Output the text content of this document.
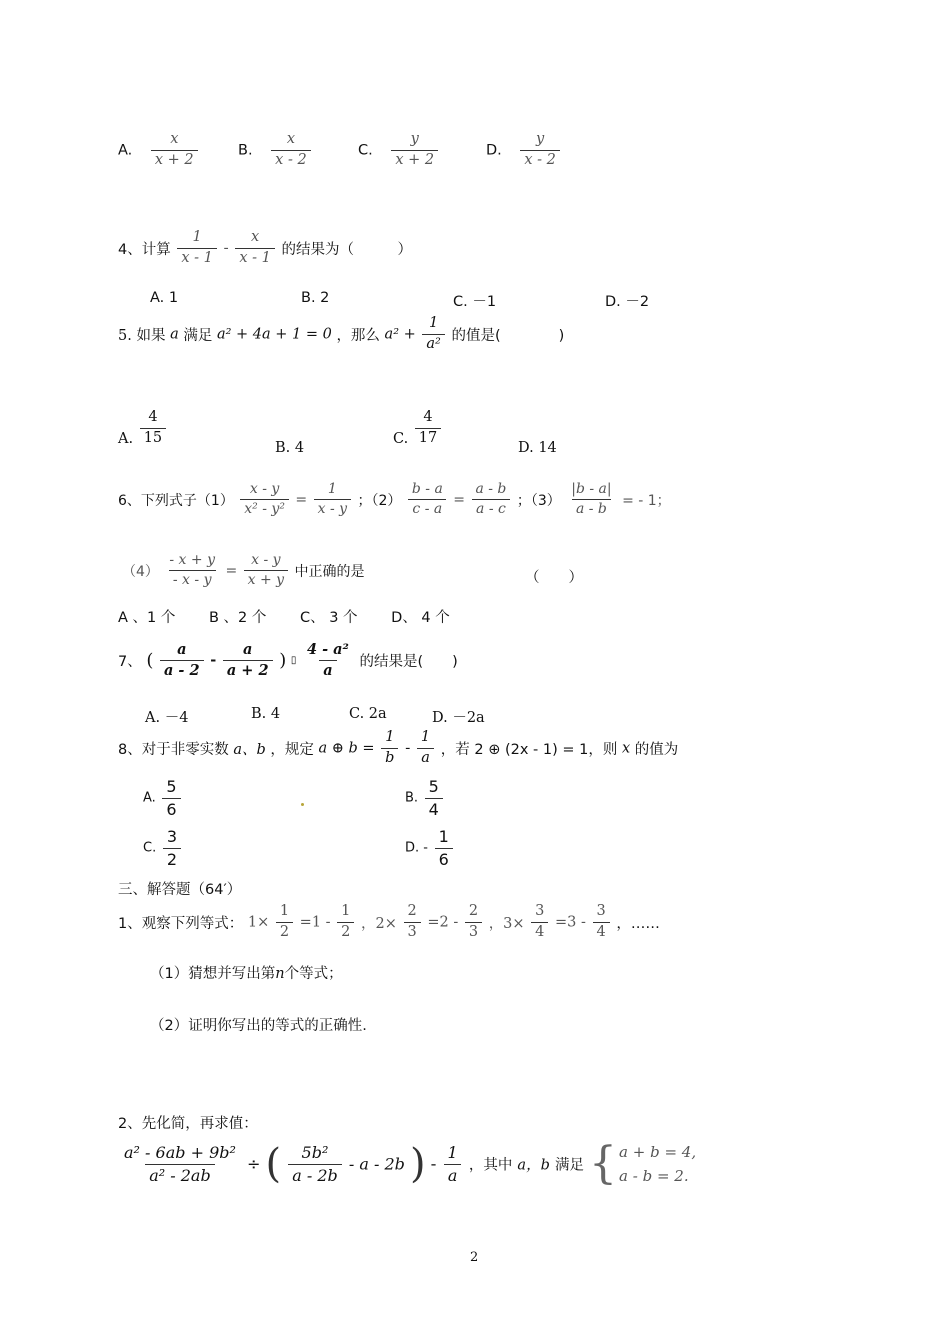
A. $\frac{x}{x + 2}$	B. $\frac{x}{x - 2}$	C. $\frac{y}{x + 2}$	D. $\frac{y}{x - 2}$
4、计算 $\frac{1}{x - 1} - \frac{x}{x - 1}$ 的结果为（　　　）
A. 1	B. 2	C. －1	D. －2
5. 如果 a 满足 a² + 4a + 1 = 0 ，那么 $a^2 + \frac{1}{\text{a²}}$ 的值是(　　　　)
A. $\frac{4}{15}$
B. 4
C. $\frac{4}{17}$
D. 14
6、下列式子$(1) \frac{x - y}{\text{x² - y²}} = \frac{1}{x - y}$ ；$(2) \frac{b - a}{c - a} = \frac{a - b}{a - c}$ ；$(3) \frac{|b - a|}{a - b}$ = - 1；
$(4) \frac{- x + y}{- x - y} = \frac{x - y}{x + y}$ 中正确的是	（　　）
A 、1 个　　 B 、2 个　　 C、 3 个　　 D、 4 个
7、 ( $\frac{a}{a - 2} - \frac{a}{a + 2}$ ) ▯ $\frac{\text{4 - a²}}{a}$ 的结果是(　　)
A. －4	B. 4	C. 2a	D. －2a
8、对于非零实数 a、b ，规定 a ⊕ $b = \frac{1}{b} - \frac{1}{a}$ ，若 2 ⊕ (2x - 1) = 1，则 x 的值为
A. $\frac{5}{6}$	B. $\frac{5}{4}$
C. $\frac{3}{2}$	D. - $\frac{1}{6}$
三、解答题（64′）
1、观察下列等式： $1\times \frac{1}{2} =1 - \frac{1}{2}$ ，$2\times \frac{2}{3} =2 - \frac{2}{3}$ ，$3\times \frac{3}{4} =3 - \frac{3}{4}$ ，……
（1）猜想并写出第n个等式；
（2）证明你写出的等式的正确性.
2、先化简，再求值：
$\frac{\text{a² - 6ab + 9b²}}{\text{a² - 2ab}}$ ÷ ( $\frac{\text{5b²}}{a - 2b}$ - a - 2b ) - $\frac{1}{a}$ ，其中 a，b 满足 { a + b = 4,
a - b = 2.
2
